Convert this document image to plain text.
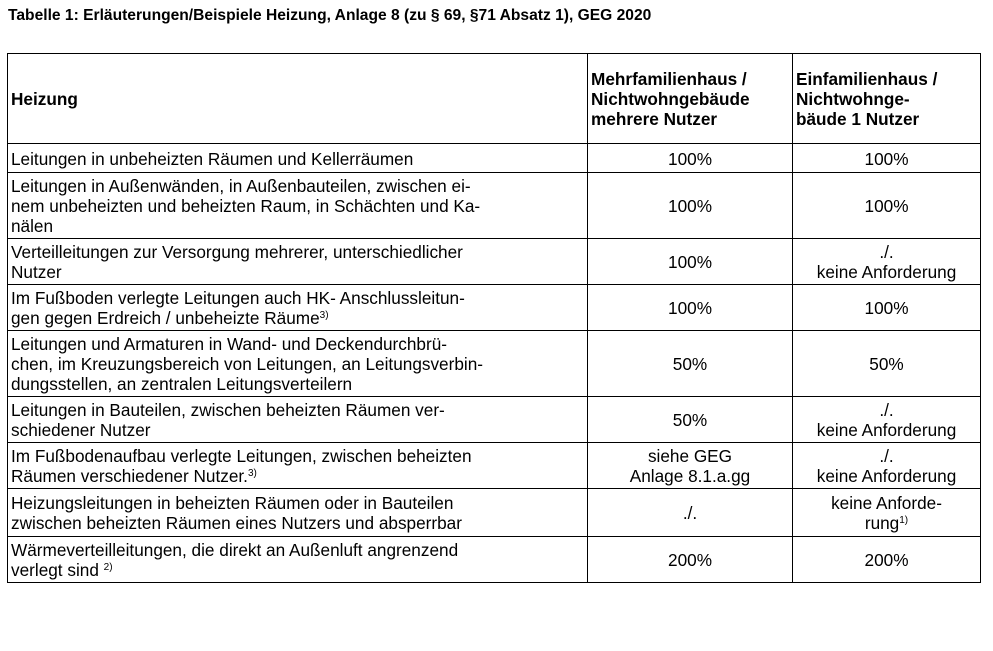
Tabelle 1: Erläuterungen/Beispiele Heizung, Anlage 8 (zu § 69, §71 Absatz 1), GEG 2020
Heizung	Mehrfamilienhaus /
Nichtwohngebäude
mehrere Nutzer	Einfamilienhaus /
Nichtwohnge-
bäude 1 Nutzer

Leitungen in unbeheizten Räumen und Kellerräumen	100%	100%

Leitungen in Außenwänden, in Außenbauteilen, zwischen ei-
nem unbeheizten und beheizten Raum, in Schächten und Ka-
nälen	100%	100%

Verteilleitungen zur Versorgung mehrerer, unterschiedlicher
Nutzer	100%	./.
keine Anforderung

Im Fußboden verlegte Leitungen auch HK- Anschlussleitun-
gen gegen Erdreich / unbeheizte Räume$^{3)}$	100%	100%

Leitungen und Armaturen in Wand- und Deckendurchbrü-
chen, im Kreuzungsbereich von Leitungen, an Leitungsverbin-
dungsstellen, an zentralen Leitungsverteilern	50%	50%

Leitungen in Bauteilen, zwischen beheizten Räumen ver-
schiedener Nutzer	50%	./.
keine Anforderung

Im Fußbodenaufbau verlegte Leitungen, zwischen beheizten
Räumen verschiedener Nutzer.$^{3)}$	siehe GEG
Anlage 8.1.a.gg	./.
keine Anforderung

Heizungsleitungen in beheizten Räumen oder in Bauteilen
zwischen beheizten Räumen eines Nutzers und absperrbar	./.	keine Anforde-
rung$^{1)}$

Wärmeverteilleitungen, die direkt an Außenluft angrenzend
verlegt sind $^{2)}$	200%	200%
